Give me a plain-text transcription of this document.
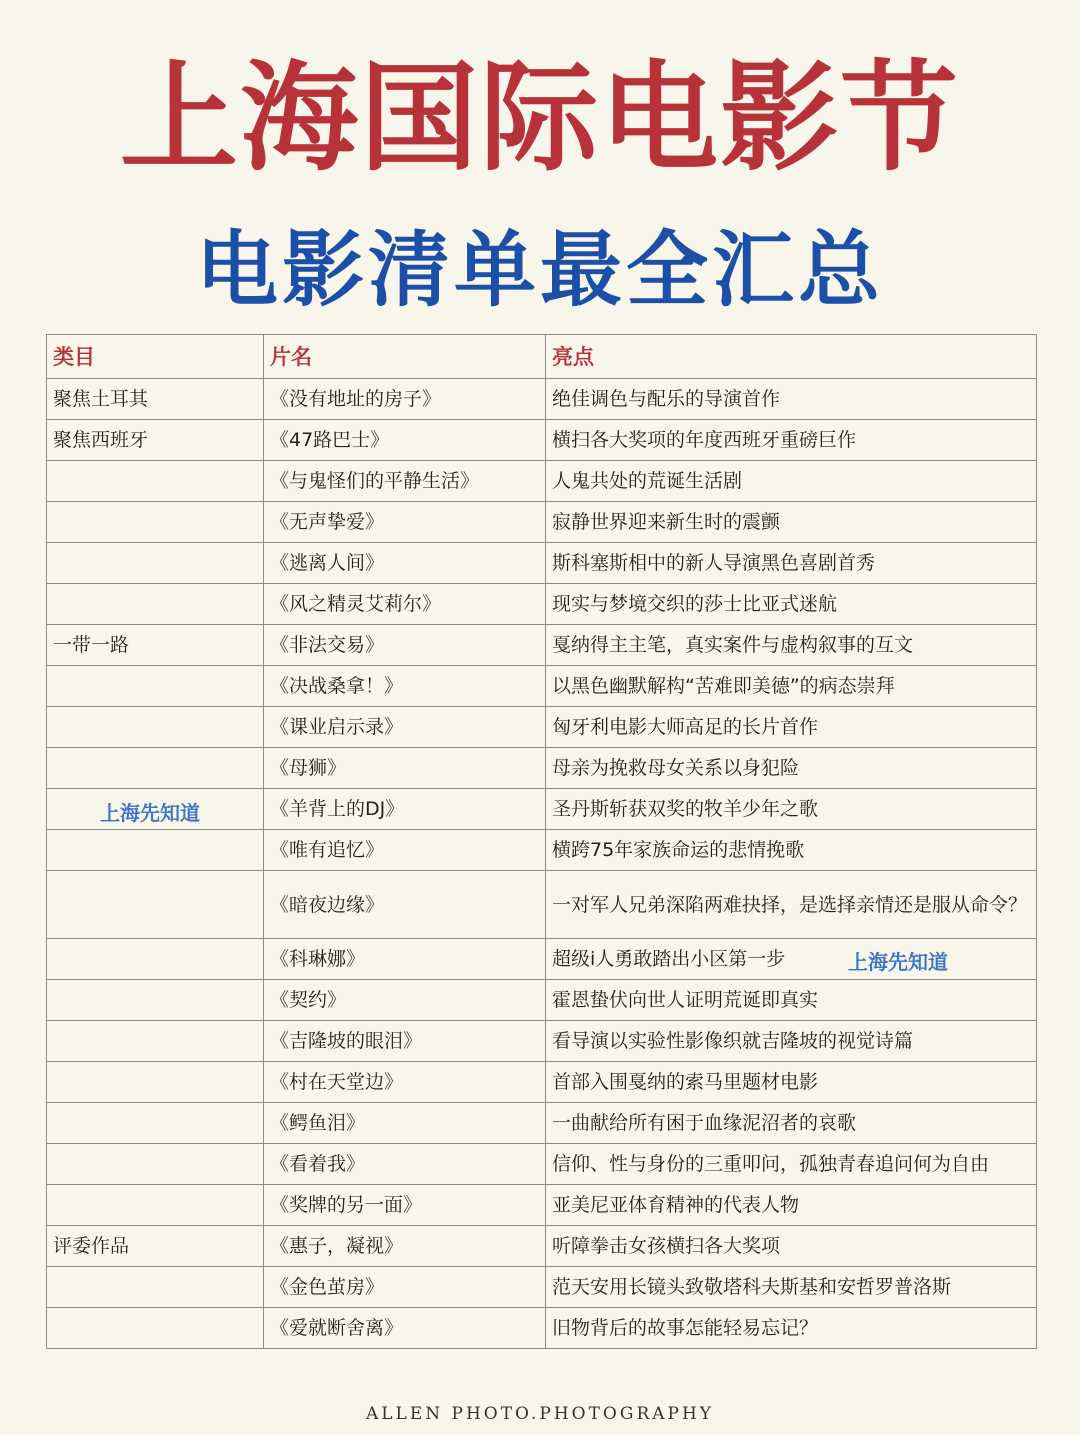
上海国际电影节
电影清单最全汇总
类目	片名	亮点
聚焦土耳其	《没有地址的房子》	绝佳调色与配乐的导演首作
聚焦西班牙	《47路巴士》	横扫各大奖项的年度西班牙重磅巨作
	《与鬼怪们的平静生活》	人鬼共处的荒诞生活剧
	《无声挚爱》	寂静世界迎来新生时的震颤
	《逃离人间》	斯科塞斯相中的新人导演黑色喜剧首秀
	《风之精灵艾莉尔》	现实与梦境交织的莎士比亚式迷航
一带一路	《非法交易》	戛纳得主主笔，真实案件与虚构叙事的互文
	《决战桑拿！》	以黑色幽默解构“苦难即美德”的病态崇拜
	《课业启示录》	匈牙利电影大师高足的长片首作
	《母狮》	母亲为挽救母女关系以身犯险
	《羊背上的DJ》	圣丹斯斩获双奖的牧羊少年之歌
	《唯有追忆》	横跨75年家族命运的悲情挽歌
	《暗夜边缘》	一对军人兄弟深陷两难抉择，是选择亲情还是服从命令？
	《科琳娜》	超级i人勇敢踏出小区第一步
	《契约》	霍恩蛰伏向世人证明荒诞即真实
	《吉隆坡的眼泪》	看导演以实验性影像织就吉隆坡的视觉诗篇
	《村在天堂边》	首部入围戛纳的索马里题材电影
	《鳄鱼泪》	一曲献给所有困于血缘泥沼者的哀歌
	《看着我》	信仰、性与身份的三重叩问，孤独青春追问何为自由
	《奖牌的另一面》	亚美尼亚体育精神的代表人物
评委作品	《惠子，凝视》	听障拳击女孩横扫各大奖项
	《金色茧房》	范天安用长镜头致敬塔科夫斯基和安哲罗普洛斯
	《爱就断舍离》	旧物背后的故事怎能轻易忘记？
上海先知道
上海先知道
ALLEN PHOTO.PHOTOGRAPHY
